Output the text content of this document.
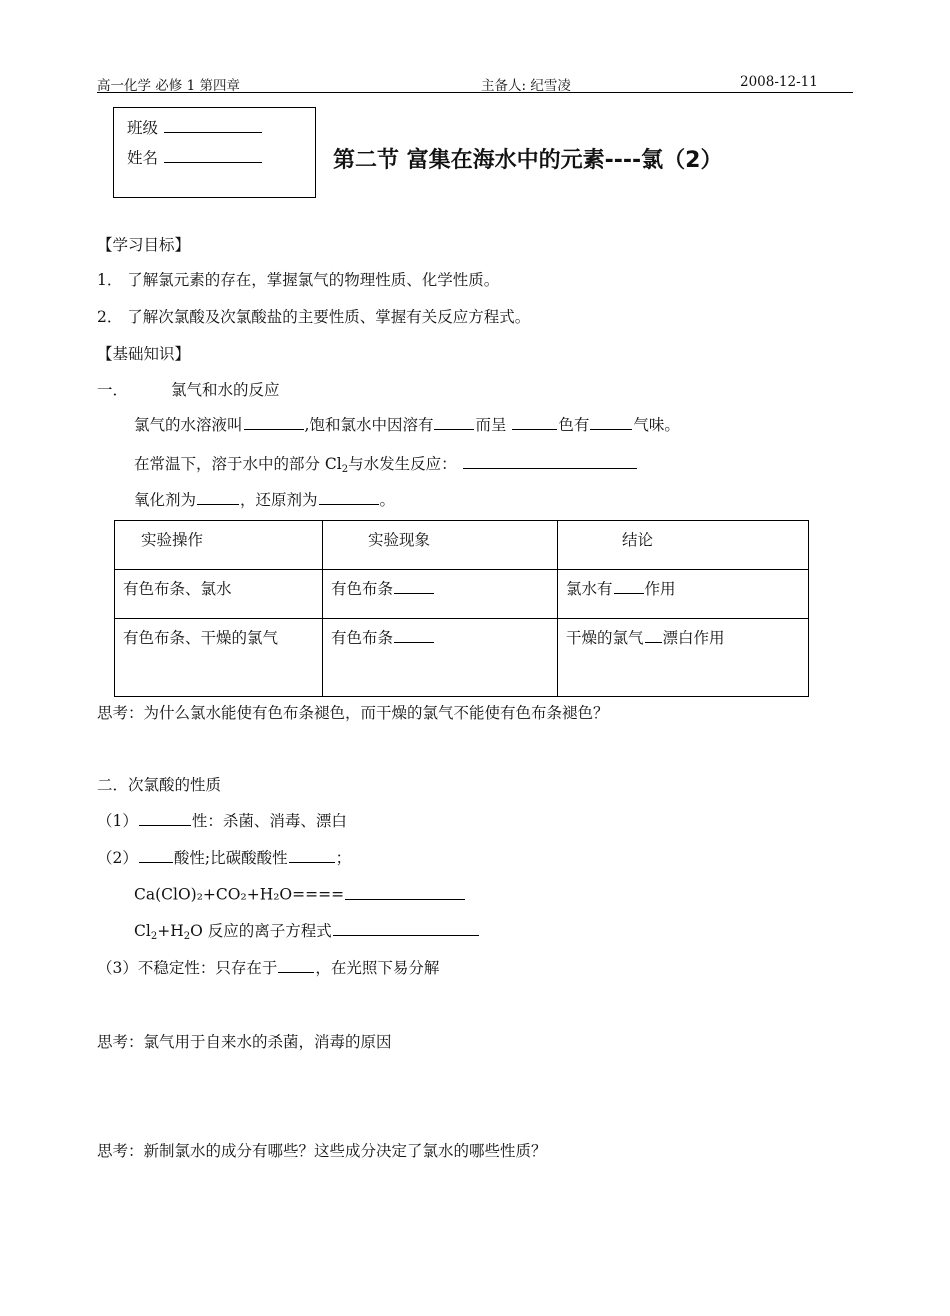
高一化学 必修 1 第四章	主备人: 纪雪凌	2008-12-11
班级
姓名	第二节 富集在海水中的元素----氯（2）
【学习目标】
1． 了解氯元素的存在，掌握氯气的物理性质、化学性质。
2． 了解次氯酸及次氯酸盐的主要性质、掌握有关反应方程式。
【基础知识】
一．	氯气和水的反应
氯气的水溶液叫	,饱和氯水中因溶有	而呈	色有	气味。
在常温下，溶于水中的部分 $Cl_2$与水发生反应：
氧化剂为	，还原剂为	。
实验操作	实验现象	结论
有色布条、氯水	有色布条	氯水有 作用
有色布条、干燥的氯气	有色布条	干燥的氯气 漂白作用
思考：为什么氯水能使有色布条褪色，而干燥的氯气不能使有色布条褪色？
二．次氯酸的性质
（1）	性：杀菌、消毒、漂白
（2） 酸性;比碳酸酸性	；
Ca(ClO)₂+CO₂+H₂O====
$Cl_2+H_2O$ 反应的离子方程式
（3）不稳定性：只存在于 ，在光照下易分解
思考：氯气用于自来水的杀菌，消毒的原因
思考：新制氯水的成分有哪些？这些成分决定了氯水的哪些性质？
